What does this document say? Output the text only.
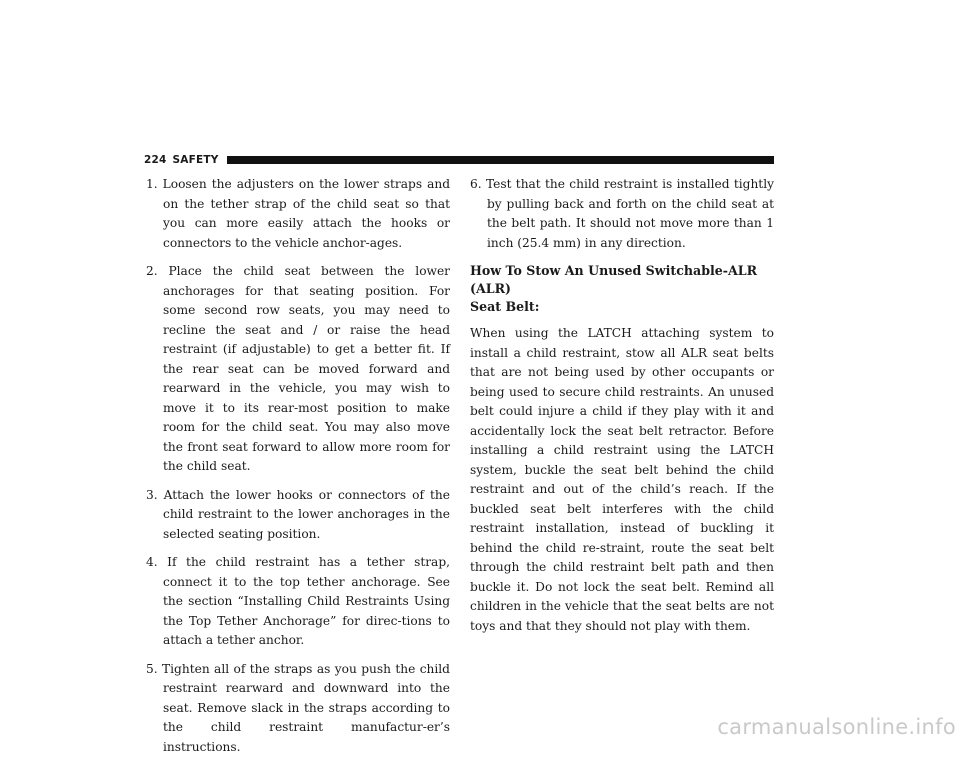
224 SAFETY

1. Loosen the adjusters on the lower straps and on the tether strap of the child seat so that you can more easily attach the hooks or connectors to the vehicle anchor-ages.

2. Place the child seat between the lower anchorages for that seating position. For some second row seats, you may need to recline the seat and / or raise the head restraint (if adjustable) to get a better fit. If the rear seat can be moved forward and rearward in the vehicle, you may wish to move it to its rear-most position to make room for the child seat. You may also move the front seat forward to allow more room for the child seat.

3. Attach the lower hooks or connectors of the child restraint to the lower anchorages in the selected seating position.

4. If the child restraint has a tether strap, connect it to the top tether anchorage. See the section “Installing Child Restraints Using the Top Tether Anchorage” for direc-tions to attach a tether anchor.

5. Tighten all of the straps as you push the child restraint rearward and downward into the seat. Remove slack in the straps according to the child restraint manufactur-er’s instructions.

6. Test that the child restraint is installed tightly by pulling back and forth on the child seat at the belt path. It should not move more than 1 inch (25.4 mm) in any direction.

How To Stow An Unused Switchable-ALR (ALR)
Seat Belt:

When using the LATCH attaching system to install a child restraint, stow all ALR seat belts that are not being used by other occupants or being used to secure child restraints. An unused belt could injure a child if they play with it and accidentally lock the seat belt retractor. Before installing a child restraint using the LATCH system, buckle the seat belt behind the child restraint and out of the child’s reach. If the buckled seat belt interferes with the child restraint installation, instead of buckling it behind the child re-straint, route the seat belt through the child restraint belt path and then buckle it. Do not lock the seat belt. Remind all children in the vehicle that the seat belts are not toys and that they should not play with them.

carmanualsonline.info
